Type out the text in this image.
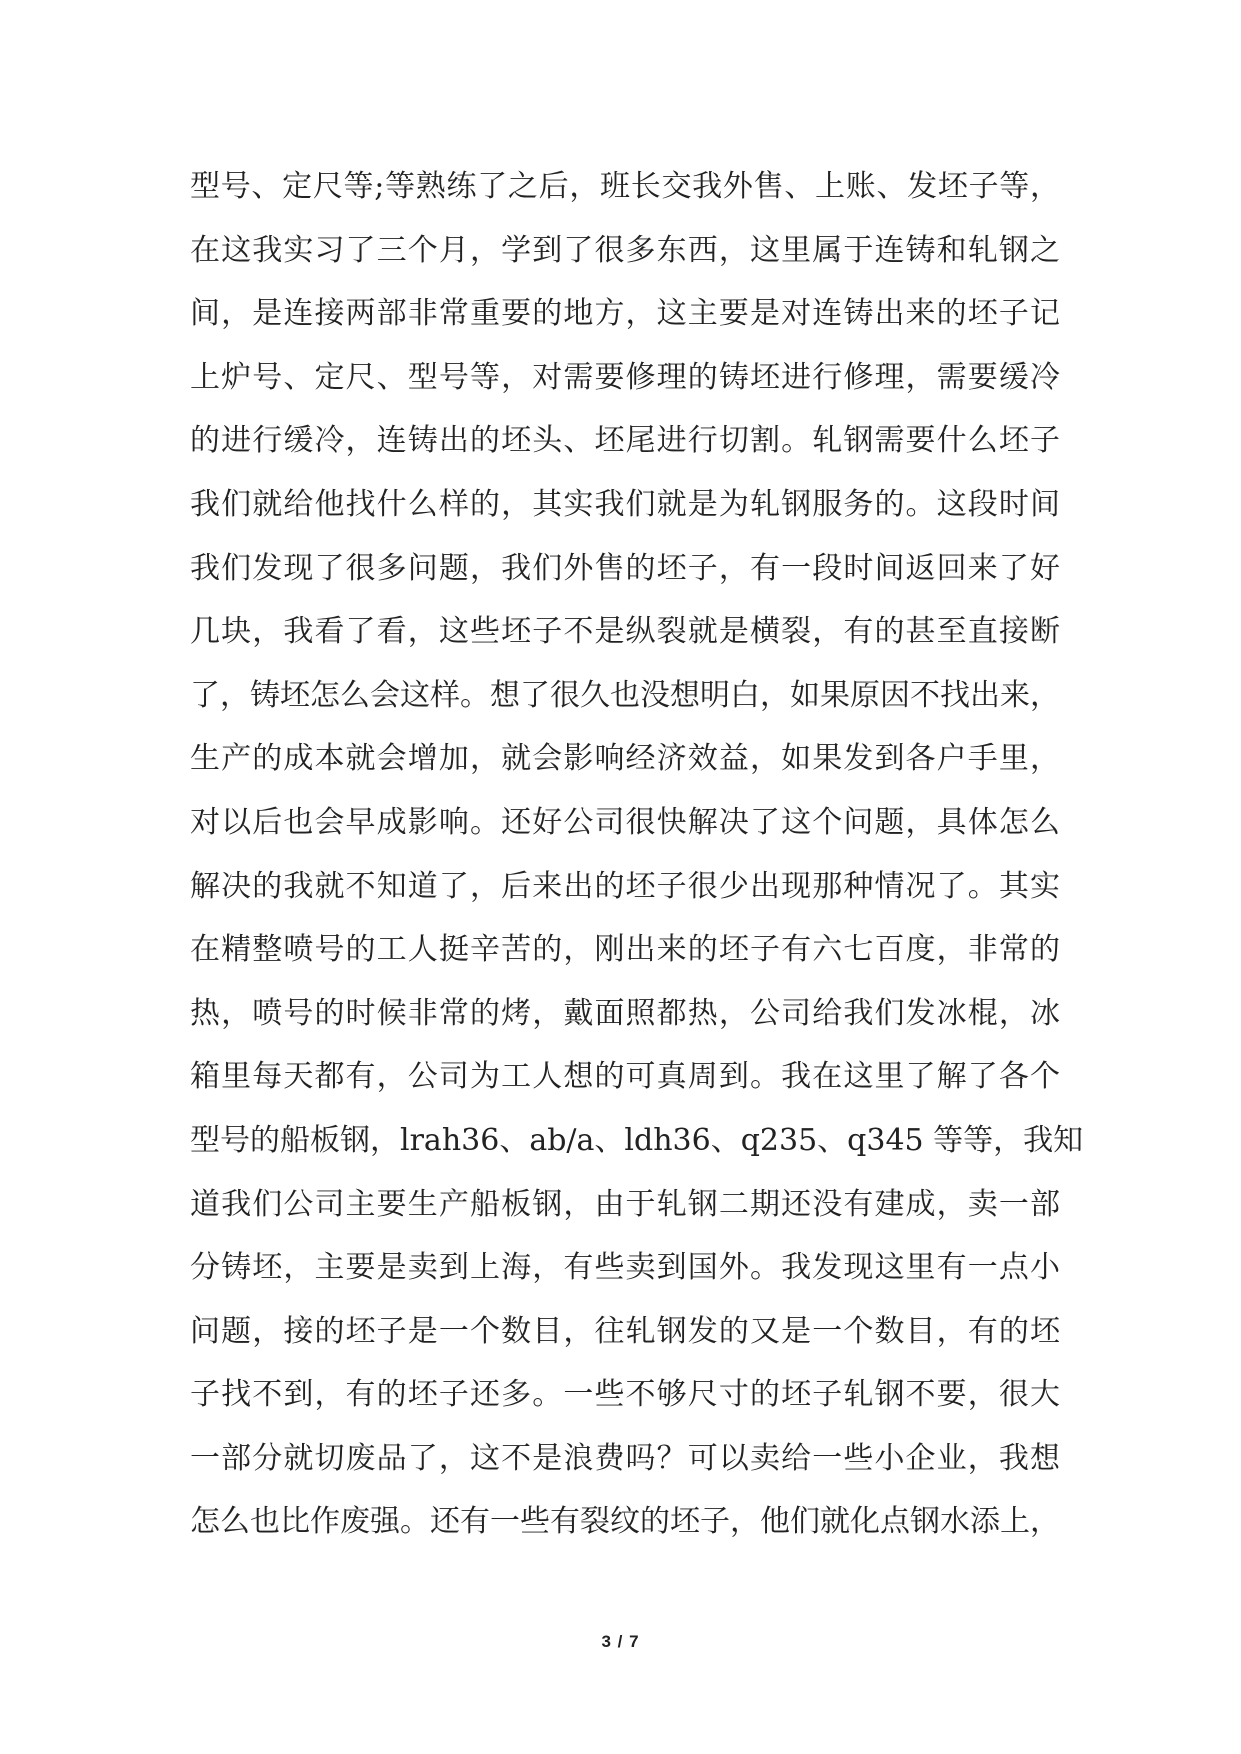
型号、定尺等;等熟练了之后，班长交我外售、上账、发坯子等，
在这我实习了三个月，学到了很多东西，这里属于连铸和轧钢之
间，是连接两部非常重要的地方，这主要是对连铸出来的坯子记
上炉号、定尺、型号等，对需要修理的铸坯进行修理，需要缓冷
的进行缓冷，连铸出的坯头、坯尾进行切割。轧钢需要什么坯子
我们就给他找什么样的，其实我们就是为轧钢服务的。这段时间
我们发现了很多问题，我们外售的坯子，有一段时间返回来了好
几块，我看了看，这些坯子不是纵裂就是横裂，有的甚至直接断
了，铸坯怎么会这样。想了很久也没想明白，如果原因不找出来，
生产的成本就会增加，就会影响经济效益，如果发到各户手里，
对以后也会早成影响。还好公司很快解决了这个问题，具体怎么
解决的我就不知道了，后来出的坯子很少出现那种情况了。其实
在精整喷号的工人挺辛苦的，刚出来的坯子有六七百度，非常的
热，喷号的时候非常的烤，戴面照都热，公司给我们发冰棍，冰
箱里每天都有，公司为工人想的可真周到。我在这里了解了各个
型号的船板钢，lrah36、ab/a、ldh36、q235、q345 等等，我知
道我们公司主要生产船板钢，由于轧钢二期还没有建成，卖一部
分铸坯，主要是卖到上海，有些卖到国外。我发现这里有一点小
问题，接的坯子是一个数目，往轧钢发的又是一个数目，有的坯
子找不到，有的坯子还多。一些不够尺寸的坯子轧钢不要，很大
一部分就切废品了，这不是浪费吗？可以卖给一些小企业，我想
怎么也比作废强。还有一些有裂纹的坯子，他们就化点钢水添上，
3 / 7
